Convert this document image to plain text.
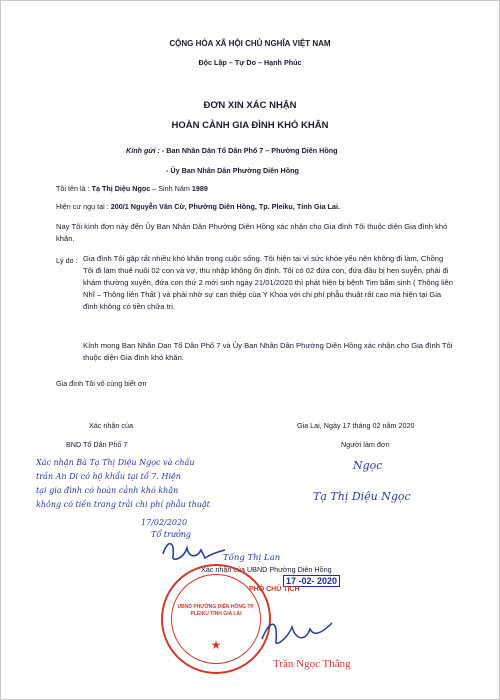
CỘNG HÒA XÃ HỘI CHỦ NGHĨA VIỆT NAM
Độc Lập – Tự Do – Hạnh Phúc
ĐƠN XIN XÁC NHẬN
HOÀN CẢNH GIA ĐÌNH KHÓ KHĂN
Kính gửi : - Ban Nhân Dân Tổ Dân Phố 7 – Phường Diên Hồng
- Ủy Ban Nhân Dân Phường Diên Hồng
Tôi tên là : Tạ Thị Diệu Ngọc – Sinh Năm 1989
Hiện cư ngụ tại : 200/1 Nguyễn Văn Cừ, Phường Diên Hồng, Tp. Pleiku, Tỉnh Gia Lai.
Nay Tôi kính đơn này đến Ủy Ban Nhân Dân Phường Diên Hồng xác nhận cho Gia đình Tôi thuộc diện Gia đình khó khăn.
Lý do : Gia đình Tôi gặp rất nhiều khó khăn trong cuộc sống. Tôi hiện tại vì sức khỏe yếu nên không đi làm, Chồng Tôi đi làm thuê nuôi 02 con và vợ, thu nhập không ổn định. Tôi có 02 đứa con, đứa đầu bị hen suyễn, phải đi khám thường xuyên, đứa con thứ 2 mới sinh ngày 21/01/2020 thì phát hiện bị bệnh Tim bẩm sinh ( Thông liên Nhĩ – Thông liên Thất ) và phải nhờ sự can thiệp của Y Khoa với chi phí phẫu thuật rất cao mà hiện tại Gia đình không có tiền chữa trị.
Kính mong Ban Nhân Dan Tổ Dân Phố 7 và Ủy Ban Nhân Dân Phường Diên Hồng xác nhận cho Gia đình Tôi thuộc diện Gia đình khó khăn.
Gia đình Tôi vô cùng biết ơn
Xác nhận của
BND Tổ Dân Phố 7
Xác nhận Bà Tạ Thị Diệu Ngọc và chấu
trần An Di có hộ khẩu tại tổ 7. Hiện
tại gia đình có hoàn cảnh khó khăn
không có tiền trang trải chi phí phẫu thuật
17/02/2020
Tổ trưởng
Tống Thị Lan
Gia Lai, Ngày 17 tháng 02 năm 2020
Người làm đơn
Ngọc
Tạ Thị Diệu Ngọc
Xác nhận của UBND Phường Diên Hồng
17 -02- 2020
PHÓ CHỦ TỊCH
UBND PHƯỜNG DIÊN HỒNG TP. PLEIKU TỈNH GIA LAI
★
Trần Ngọc Thắng
